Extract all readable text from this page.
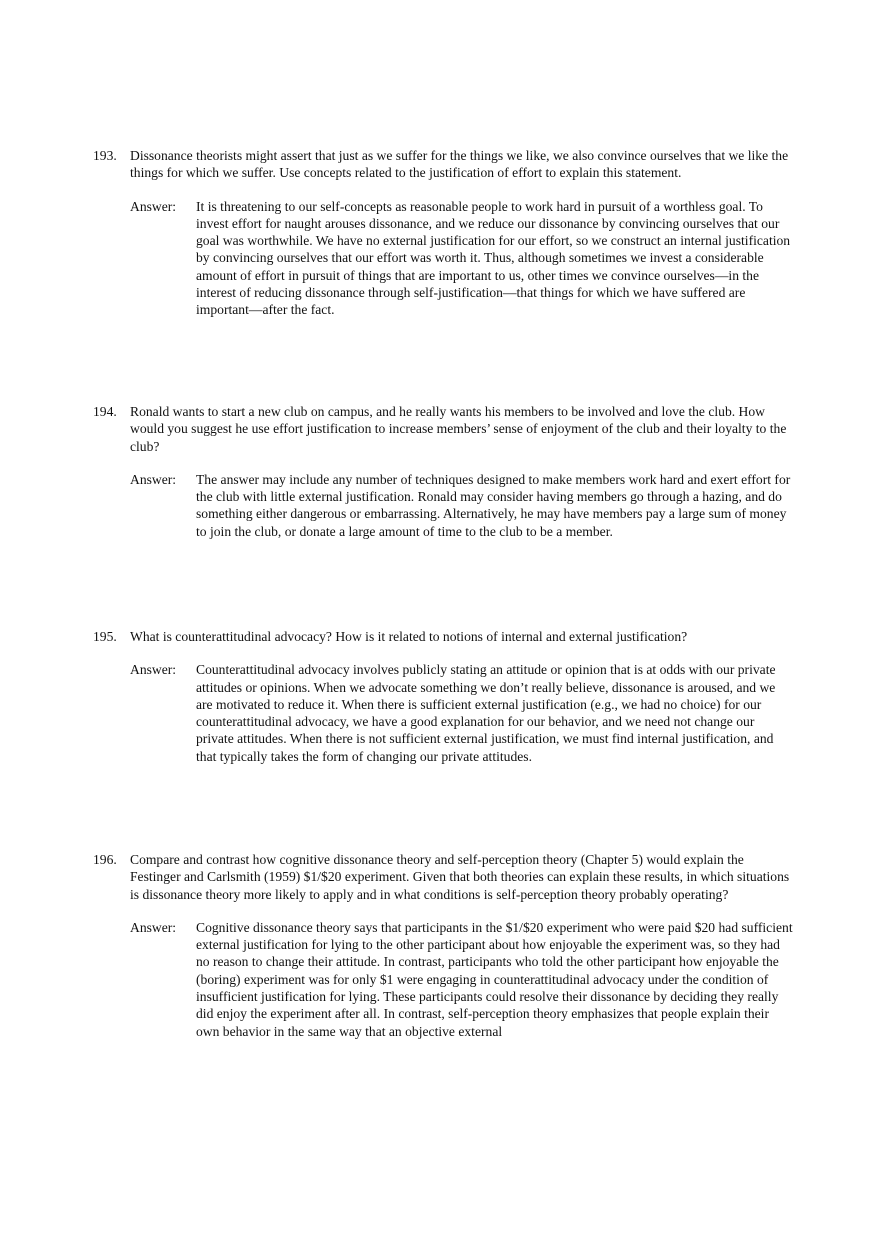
193. Dissonance theorists might assert that just as we suffer for the things we like, we also convince ourselves that we like the things for which we suffer. Use concepts related to the justification of effort to explain this statement.

Answer: It is threatening to our self-concepts as reasonable people to work hard in pursuit of a worthless goal. To invest effort for naught arouses dissonance, and we reduce our dissonance by convincing ourselves that our goal was worthwhile. We have no external justification for our effort, so we construct an internal justification by convincing ourselves that our effort was worth it. Thus, although sometimes we invest a considerable amount of effort in pursuit of things that are important to us, other times we convince ourselves—in the interest of reducing dissonance through self-justification—that things for which we have suffered are important—after the fact.

194. Ronald wants to start a new club on campus, and he really wants his members to be involved and love the club. How would you suggest he use effort justification to increase members’ sense of enjoyment of the club and their loyalty to the club?

Answer: The answer may include any number of techniques designed to make members work hard and exert effort for the club with little external justification. Ronald may consider having members go through a hazing, and do something either dangerous or embarrassing. Alternatively, he may have members pay a large sum of money to join the club, or donate a large amount of time to the club to be a member.

195. What is counterattitudinal advocacy? How is it related to notions of internal and external justification?

Answer: Counterattitudinal advocacy involves publicly stating an attitude or opinion that is at odds with our private attitudes or opinions. When we advocate something we don’t really believe, dissonance is aroused, and we are motivated to reduce it. When there is sufficient external justification (e.g., we had no choice) for our counterattitudinal advocacy, we have a good explanation for our behavior, and we need not change our private attitudes. When there is not sufficient external justification, we must find internal justification, and that typically takes the form of changing our private attitudes.

196. Compare and contrast how cognitive dissonance theory and self-perception theory (Chapter 5) would explain the Festinger and Carlsmith (1959) $1/$20 experiment. Given that both theories can explain these results, in which situations is dissonance theory more likely to apply and in what conditions is self-perception theory probably operating?

Answer: Cognitive dissonance theory says that participants in the $1/$20 experiment who were paid $20 had sufficient external justification for lying to the other participant about how enjoyable the experiment was, so they had no reason to change their attitude. In contrast, participants who told the other participant how enjoyable the (boring) experiment was for only $1 were engaging in counterattitudinal advocacy under the condition of insufficient justification for lying. These participants could resolve their dissonance by deciding they really did enjoy the experiment after all. In contrast, self-perception theory emphasizes that people explain their own behavior in the same way that an objective external
